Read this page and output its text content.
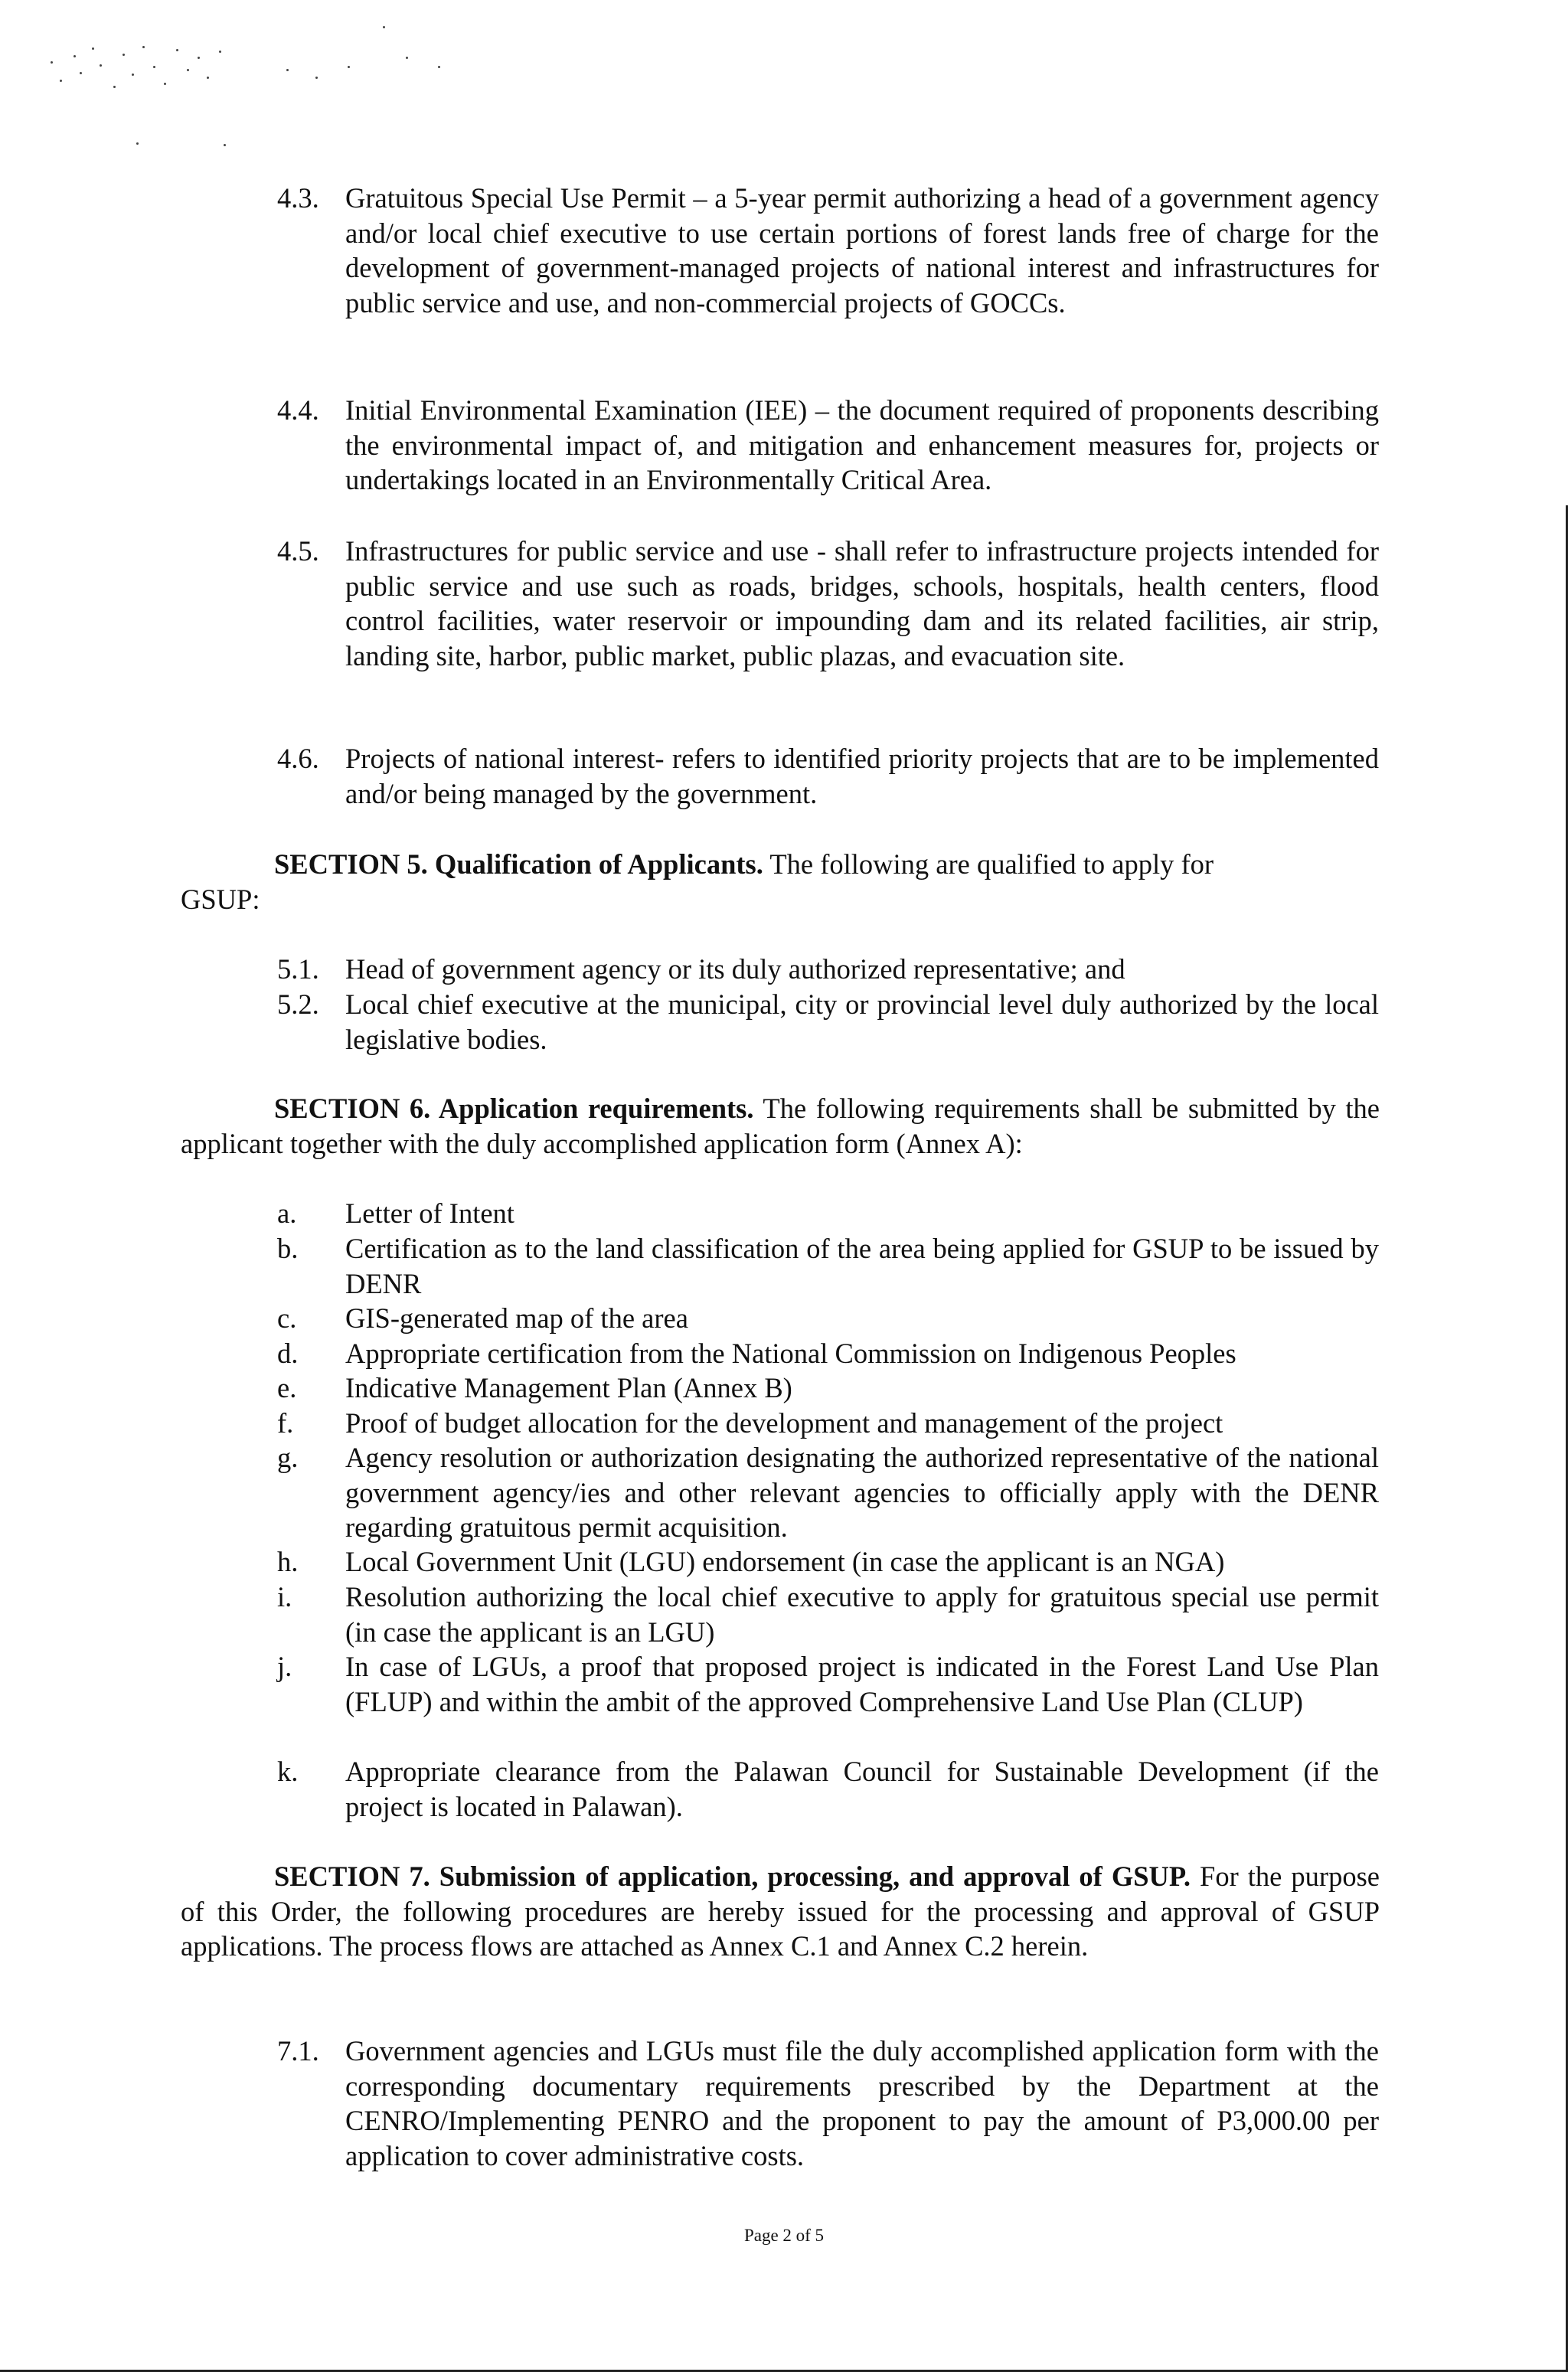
4.3. Gratuitous Special Use Permit – a 5-year permit authorizing a head of a government agency and/or local chief executive to use certain portions of forest lands free of charge for the development of government-managed projects of national interest and infrastructures for public service and use, and non-commercial projects of GOCCs.

4.4. Initial Environmental Examination (IEE) – the document required of proponents describing the environmental impact of, and mitigation and enhancement measures for, projects or undertakings located in an Environmentally Critical Area.

4.5. Infrastructures for public service and use - shall refer to infrastructure projects intended for public service and use such as roads, bridges, schools, hospitals, health centers, flood control facilities, water reservoir or impounding dam and its related facilities, air strip, landing site, harbor, public market, public plazas, and evacuation site.

4.6. Projects of national interest- refers to identified priority projects that are to be implemented and/or being managed by the government.

SECTION 5. Qualification of Applicants. The following are qualified to apply for

GSUP:

5.1. Head of government agency or its duly authorized representative; and

5.2. Local chief executive at the municipal, city or provincial level duly authorized by the local legislative bodies.

SECTION 6. Application requirements. The following requirements shall be submitted by the applicant together with the duly accomplished application form (Annex A):

a. Letter of Intent

b. Certification as to the land classification of the area being applied for GSUP to be issued by DENR

c. GIS-generated map of the area

d. Appropriate certification from the National Commission on Indigenous Peoples

e. Indicative Management Plan (Annex B)

f. Proof of budget allocation for the development and management of the project

g. Agency resolution or authorization designating the authorized representative of the national government agency/ies and other relevant agencies to officially apply with the DENR regarding gratuitous permit acquisition.

h. Local Government Unit (LGU) endorsement (in case the applicant is an NGA)

i. Resolution authorizing the local chief executive to apply for gratuitous special use permit (in case the applicant is an LGU)

j. In case of LGUs, a proof that proposed project is indicated in the Forest Land Use Plan (FLUP) and within the ambit of the approved Comprehensive Land Use Plan (CLUP)

k. Appropriate clearance from the Palawan Council for Sustainable Development (if the project is located in Palawan).

SECTION 7. Submission of application, processing, and approval of GSUP. For the purpose of this Order, the following procedures are hereby issued for the processing and approval of GSUP applications. The process flows are attached as Annex C.1 and Annex C.2 herein.

7.1. Government agencies and LGUs must file the duly accomplished application form with the corresponding documentary requirements prescribed by the Department at the CENRO/Implementing PENRO and the proponent to pay the amount of P3,000.00 per application to cover administrative costs.

Page 2 of 5
